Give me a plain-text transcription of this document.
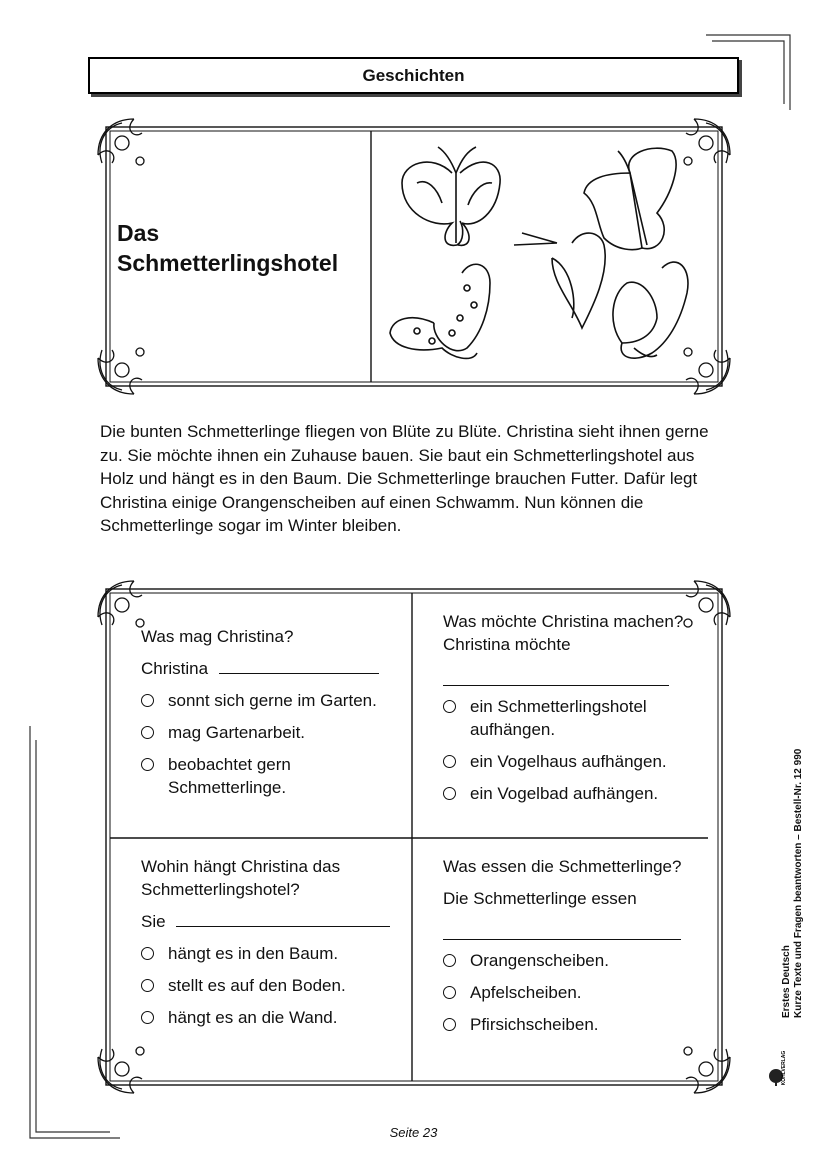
Geschichten
Das
Schmetterlingshotel

Die bunten Schmetterlinge fliegen von Blüte zu Blüte. Christina sieht ihnen gerne zu. Sie möchte ihnen ein Zuhause bauen. Sie baut ein Schmetterlingshotel aus Holz und hängt es in den Baum. Die Schmetterlinge brauchen Futter. Dafür legt Christina einige Orangenscheiben auf einen Schwamm. Nun können die Schmetterlinge sogar im Winter bleiben.

Was mag Christina?
Christina
sonnt sich gerne im Garten.
mag Gartenarbeit.
beobachtet gern Schmetterlinge.
Was möchte Christina machen?
Christina möchte
ein Schmetterlingshotel aufhängen.
ein Vogelhaus aufhängen.
ein Vogelbad aufhängen.
Wohin hängt Christina das Schmetterlingshotel?
Sie
hängt es in den Baum.
stellt es auf den Boden.
hängt es an die Wand.
Was essen die Schmetterlinge?
Die Schmetterlinge essen
Orangenscheiben.
Apfelscheiben.
Pfirsichscheiben.
Erstes Deutsch Kurze Texte und Fragen beantworten – Bestell-Nr. 12 990
KOHLVERLAG
Seite 23
